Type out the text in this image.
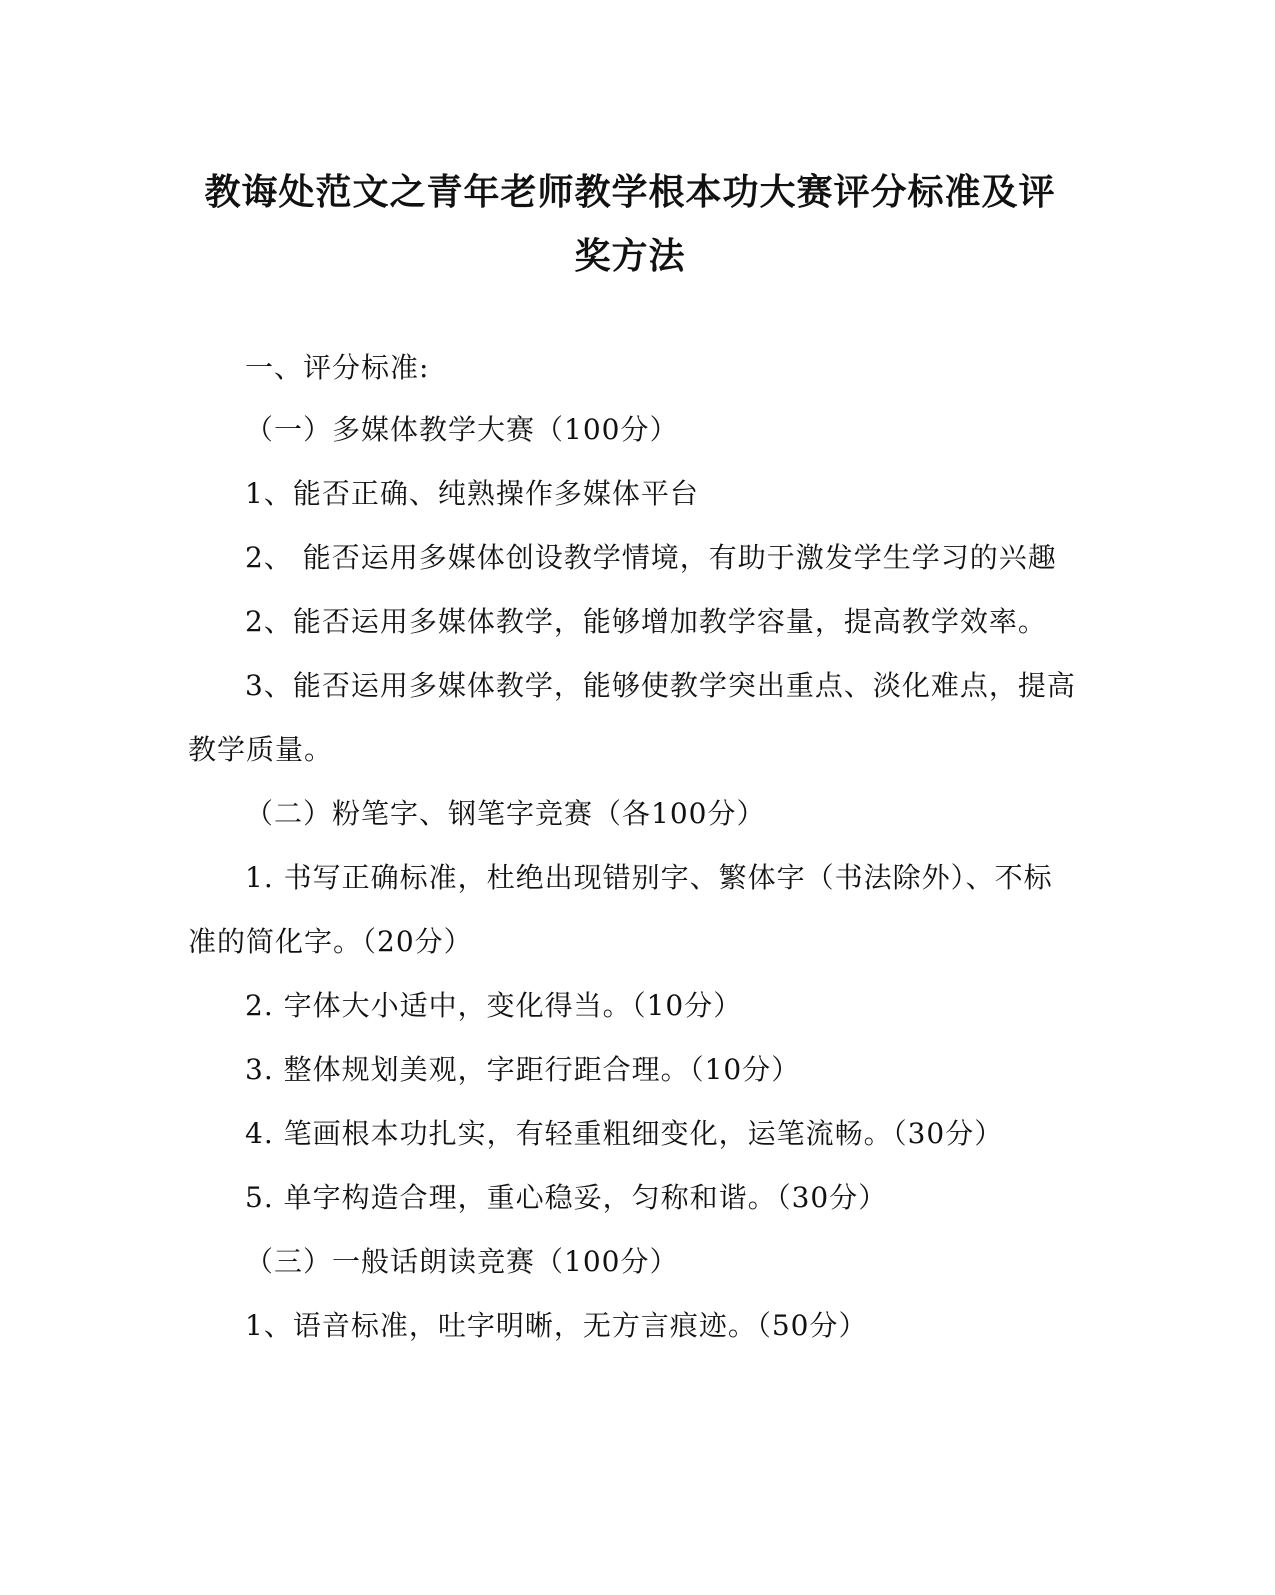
教诲处范文之青年老师教学根本功大赛评分标准及评
奖方法
一、评分标准:
（一）多媒体教学大赛（100分）
1、能否正确、纯熟操作多媒体平台
2、 能否运用多媒体创设教学情境，有助于激发学生学习的兴趣
2、能否运用多媒体教学，能够增加教学容量，提高教学效率。
3、能否运用多媒体教学，能够使教学突出重点、淡化难点，提高
教学质量。
（二）粉笔字、钢笔字竞赛（各100分）
1. 书写正确标准，杜绝出现错别字、繁体字（书法除外）、不标
准的简化字。（20分）
2. 字体大小适中，变化得当。（10分）
3. 整体规划美观，字距行距合理。（10分）
4. 笔画根本功扎实，有轻重粗细变化，运笔流畅。（30分）
5. 单字构造合理，重心稳妥，匀称和谐。（30分）
（三）一般话朗读竞赛（100分）
1、语音标准，吐字明晰，无方言痕迹。（50分）
